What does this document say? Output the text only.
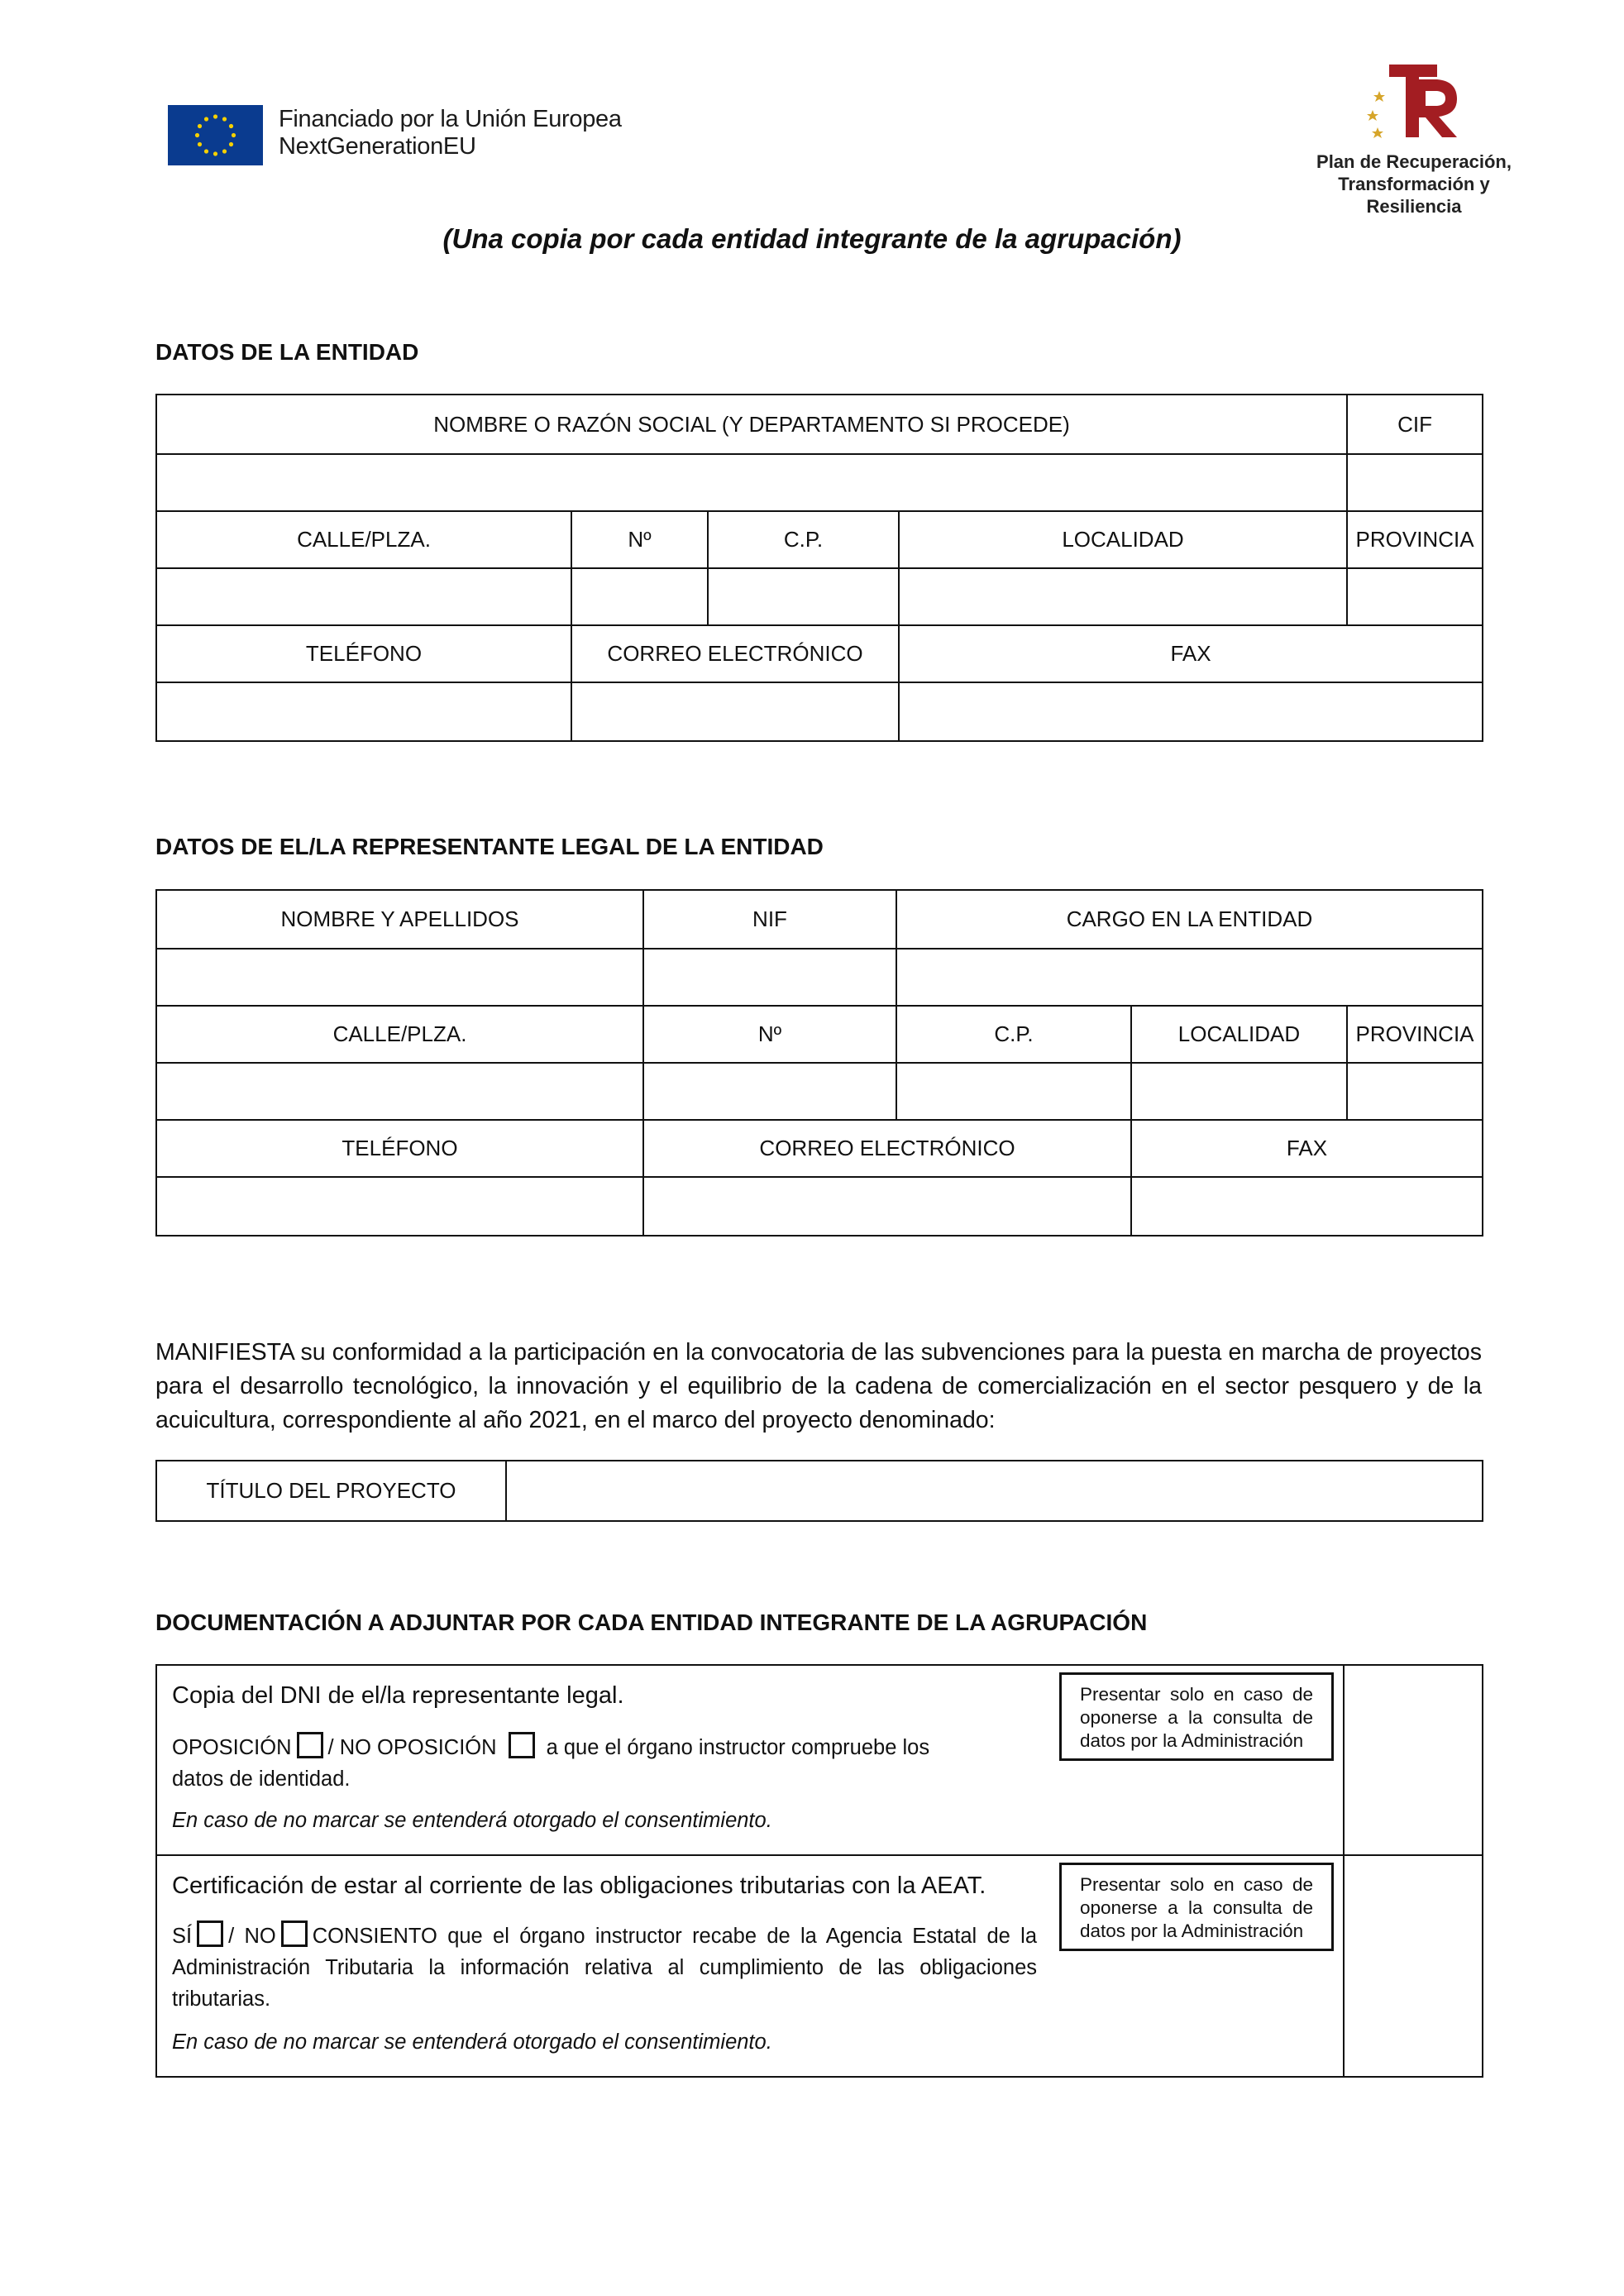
Financiado por la Unión Europea
NextGenerationEU
Plan de Recuperación,
Transformación y
Resiliencia
(Una copia por cada entidad integrante de la agrupación)
DATOS DE LA ENTIDAD
NOMBRE O RAZÓN SOCIAL (Y DEPARTAMENTO SI PROCEDE)				CIF

CALLE/PLZA.	Nº	C.P.	LOCALIDAD	PROVINCIA

TELÉFONO	CORREO ELECTRÓNICO		FAX	

DATOS DE EL/LA REPRESENTANTE LEGAL DE LA ENTIDAD
NOMBRE Y APELLIDOS	NIF	CARGO EN LA ENTIDAD		

CALLE/PLZA.	Nº	C.P.	LOCALIDAD	PROVINCIA

TELÉFONO	CORREO ELECTRÓNICO		FAX	

MANIFIESTA su conformidad a la participación en la convocatoria de las subvenciones para la puesta en marcha de proyectos para el desarrollo tecnológico, la innovación y el equilibrio de la cadena de comercialización en el sector pesquero y de la acuicultura, correspondiente al año 2021, en el marco del proyecto denominado:
TÍTULO DEL PROYECTO	
DOCUMENTACIÓN A ADJUNTAR POR CADA ENTIDAD INTEGRANTE DE LA AGRUPACIÓN
Copia del DNI de el/la representante legal.
OPOSICIÓN / NO OPOSICIÓN a que el órgano instructor compruebe los
datos de identidad.
En caso de no marcar se entenderá otorgado el consentimiento.
Presentar solo en caso de oponerse a la consulta de datos por la Administración	

Certificación de estar al corriente de las obligaciones tributarias con la AEAT.
SÍ / NO CONSIENTO que el órgano instructor recabe de la Agencia Estatal de la Administración Tributaria la información relativa al cumplimiento de las obligaciones tributarias.
En caso de no marcar se entenderá otorgado el consentimiento.
Presentar solo en caso de oponerse a la consulta de datos por la Administración	
